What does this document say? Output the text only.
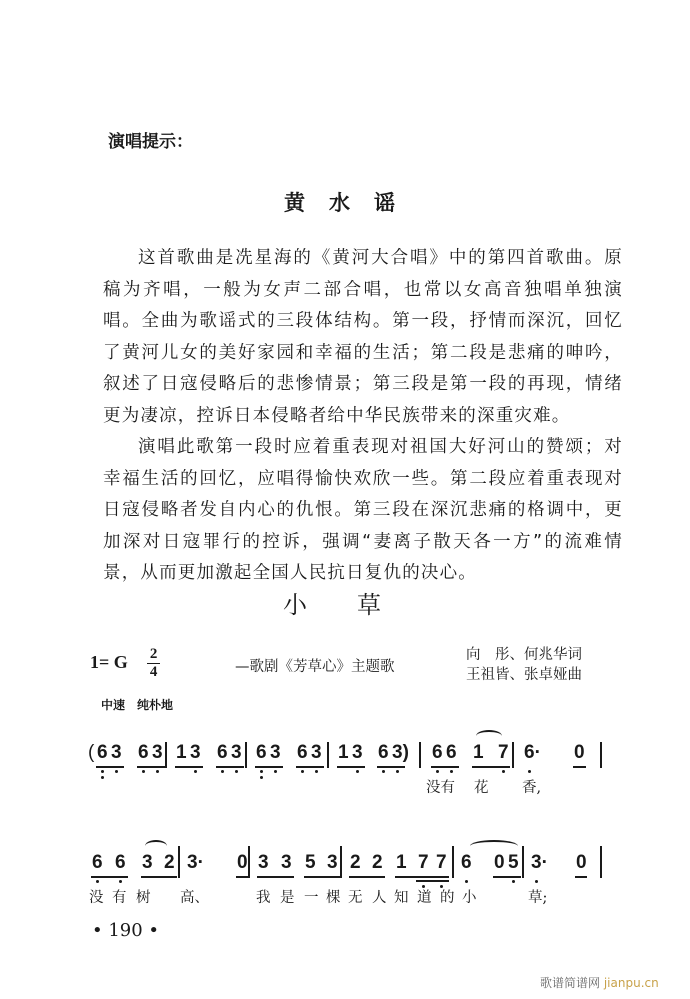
演唱提示：
黄水谣

这首歌曲是冼星海的《黄河大合唱》中的第四首歌曲。原稿为齐唱，一般为女声二部合唱，也常以女高音独唱单独演唱。全曲为歌谣式的三段体结构。第一段，抒情而深沉，回忆了黄河儿女的美好家园和幸福的生活；第二段是悲痛的呻吟，叙述了日寇侵略后的悲惨情景；第三段是第一段的再现，情绪更为凄凉，控诉日本侵略者给中华民族带来的深重灾难。

演唱此歌第一段时应着重表现对祖国大好河山的赞颂；对幸福生活的回忆，应唱得愉快欢欣一些。第二段应着重表现对日寇侵略者发自内心的仇恨。第三段在深沉悲痛的格调中，更加深对日寇罪行的控诉，强调“妻离子散天各一方”的流难情景，从而更加激起全国人民抗日复仇的决心。

小草
1= G $\frac{2}{4}$	—歌剧《芳草心》主题歌
向　彤、何兆华词
王祖皆、张卓娅曲
中速　纯朴地
( 6 3 6 3 1 3 6 3 6 3 6 3 1 3 6 3) 6 6 1 7 6· 0
没有 花 香,
6 6 3 2 3· 0 3 3 5 3 2 2 1 7 7 6 0 5 3· 0
没 有 树 高、	我 是 一 棵 无 人 知 道 的 小	草;
• 190 •
歌谱简谱网 jianpu.cn
